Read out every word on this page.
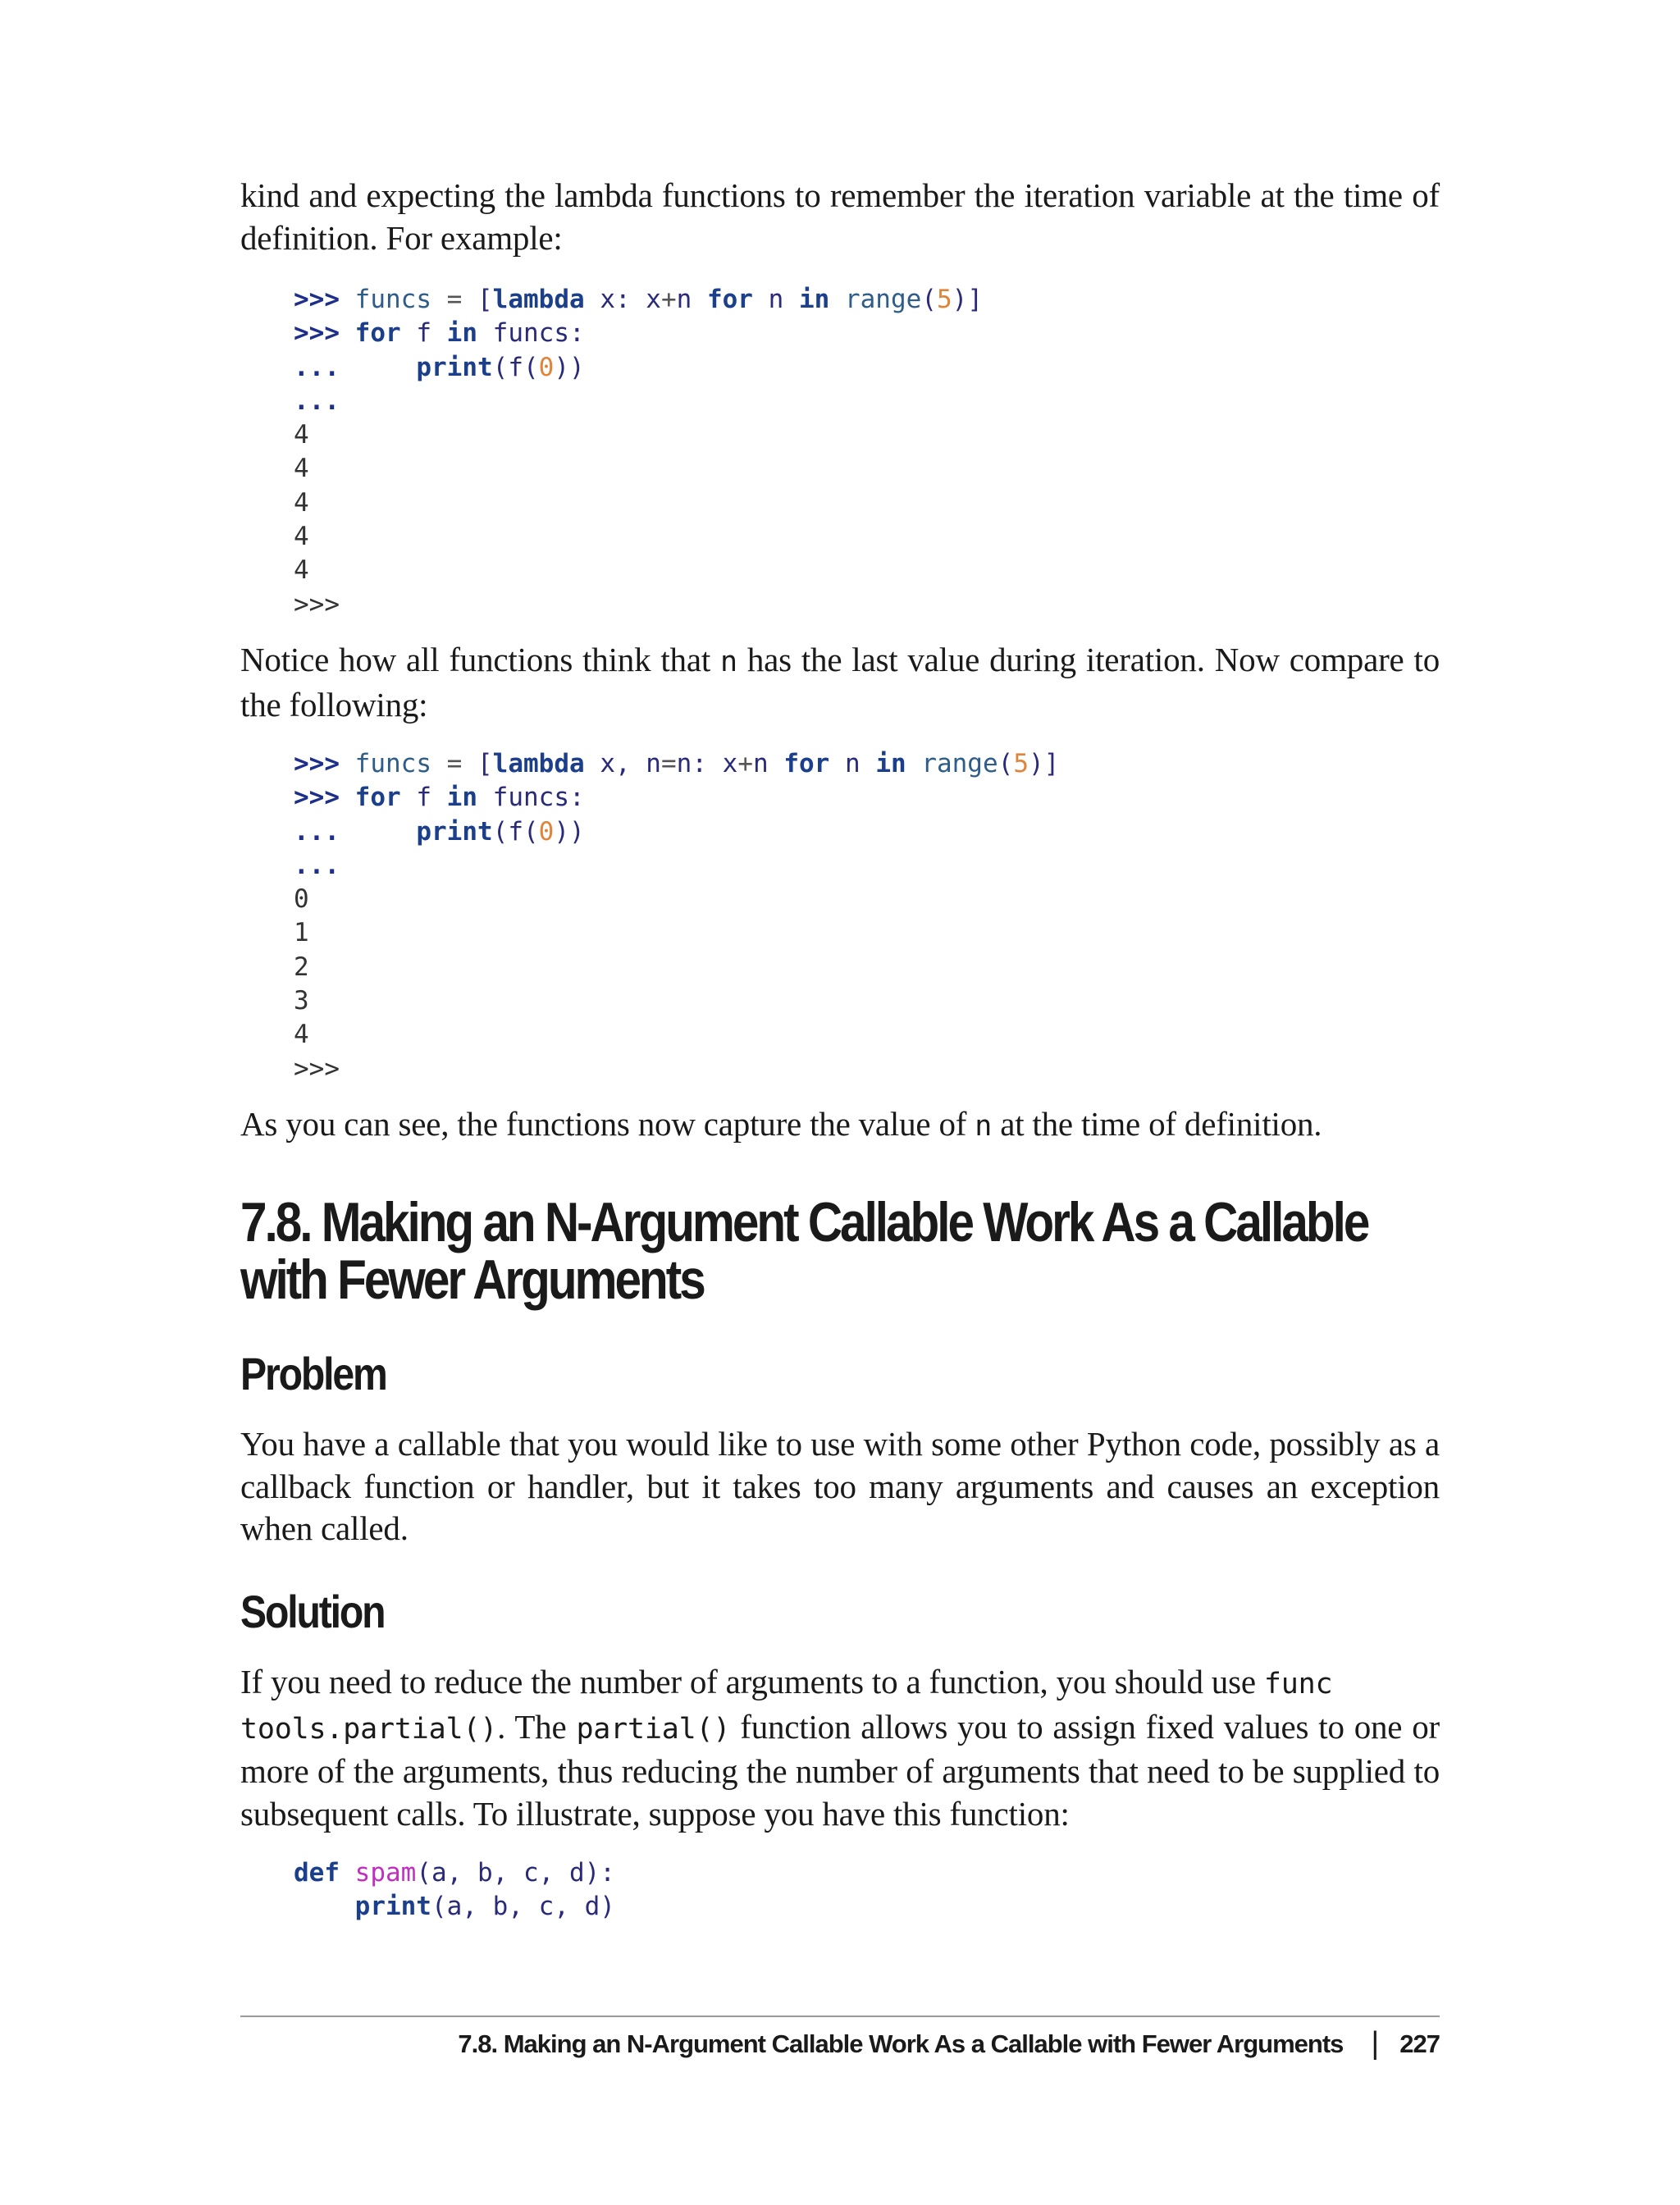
kind and expecting the lambda functions to remember the iteration variable at the time of definition. For example:

>>> funcs = [lambda x: x+n for n in range(5)]
>>> for f in funcs:
...	print(f(0))
...
4
4
4
4
4
>>>

Notice how all functions think that n has the last value during iteration. Now compare to the following:

>>> funcs = [lambda x, n=n: x+n for n in range(5)]
>>> for f in funcs:
...	print(f(0))
...
0
1
2
3
4
>>>

As you can see, the functions now capture the value of n at the time of definition.

7.8. Making an N-Argument Callable Work As a Callable
with Fewer Arguments
Problem

You have a callable that you would like to use with some other Python code, possibly as a callback function or handler, but it takes too many arguments and causes an exception when called.

Solution

If you need to reduce the number of arguments to a function, you should use func
tools.partial(). The partial() function allows you to assign fixed values to one or more of the arguments, thus reducing the number of arguments that need to be supplied to subsequent calls. To illustrate, suppose you have this function:

def spam(a, b, c, d):
print(a, b, c, d)
7.8. Making an N-Argument Callable Work As a Callable with Fewer Arguments | 227
